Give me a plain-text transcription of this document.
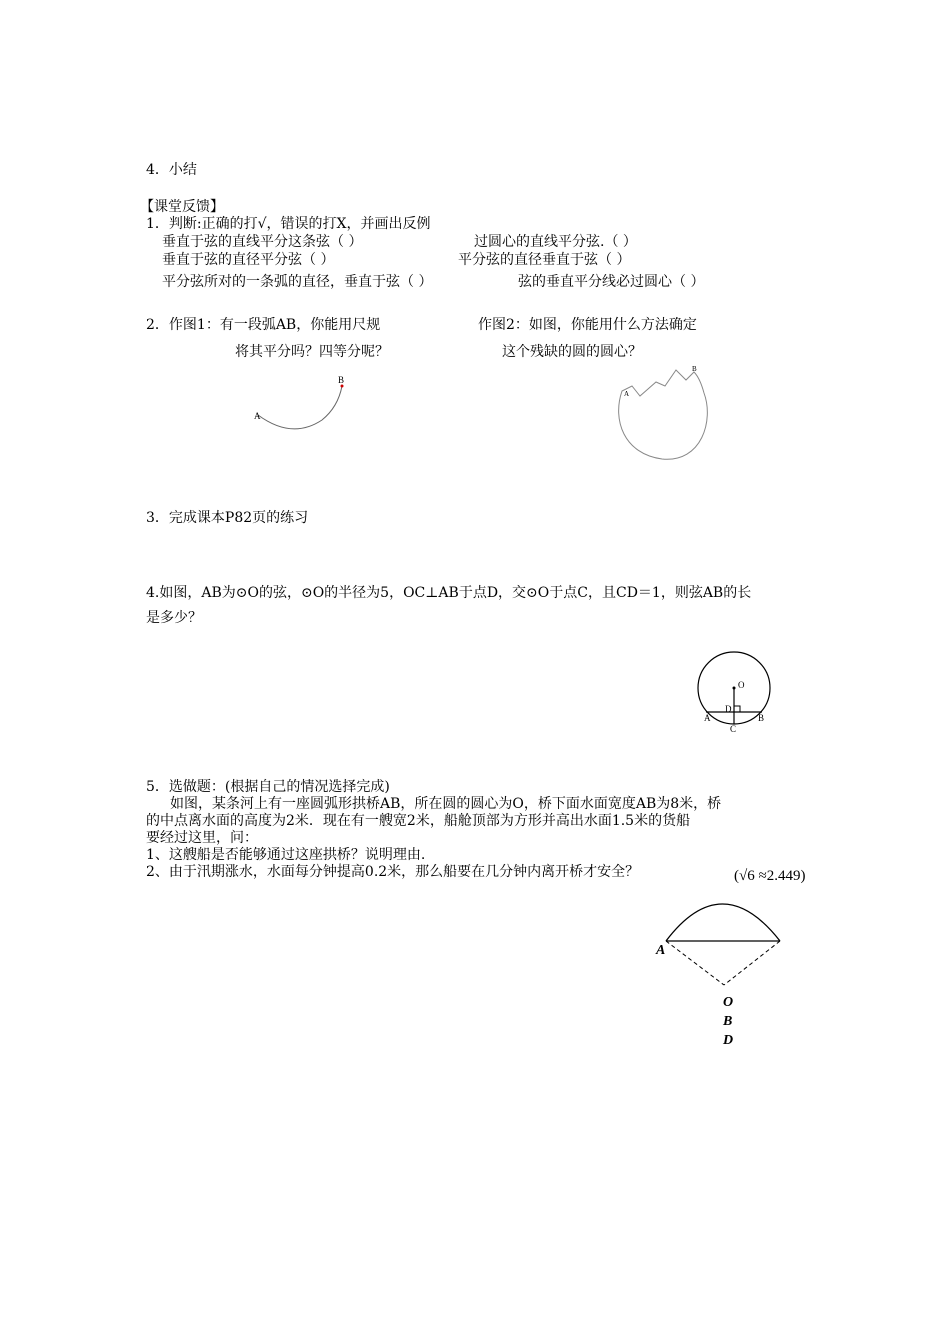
4．小结
【课堂反馈】
1．判断:正确的打√，错误的打X，并画出反例
垂直于弦的直线平分这条弦（ ）	过圆心的直线平分弦.（ ）
垂直于弦的直径平分弦（ ）	平分弦的直径垂直于弦（ ）
平分弦所对的一条弧的直径，垂直于弦（ ）	弦的垂直平分线必过圆心（ ）
2．作图1：有一段弧AB，你能用尺规
将其平分吗？四等分呢？
作图2：如图，你能用什么方法确定
这个残缺的圆的圆心？
A
B
A
B
3．完成课本P82页的练习
4.如图，AB为⊙O的弦，⊙O的半径为5，OC⊥AB于点D，交⊙O于点C，且CD＝1，则弦AB的长
是多少？
O
D
A	B
C
5．选做题：(根据自己的情况选择完成)
如图，某条河上有一座圆弧形拱桥AB，所在圆的圆心为O，桥下面水面宽度AB为8米，桥
的中点离水面的高度为2米．现在有一艘宽2米，船舱顶部为方形并高出水面1.5米的货船
要经过这里，问：
1、这艘船是否能够通过这座拱桥？说明理由.
2、由于汛期涨水，水面每分钟提高0.2米，那么船要在几分钟内离开桥才安全？	(√6 ≈2.449)
A
O
B
D
